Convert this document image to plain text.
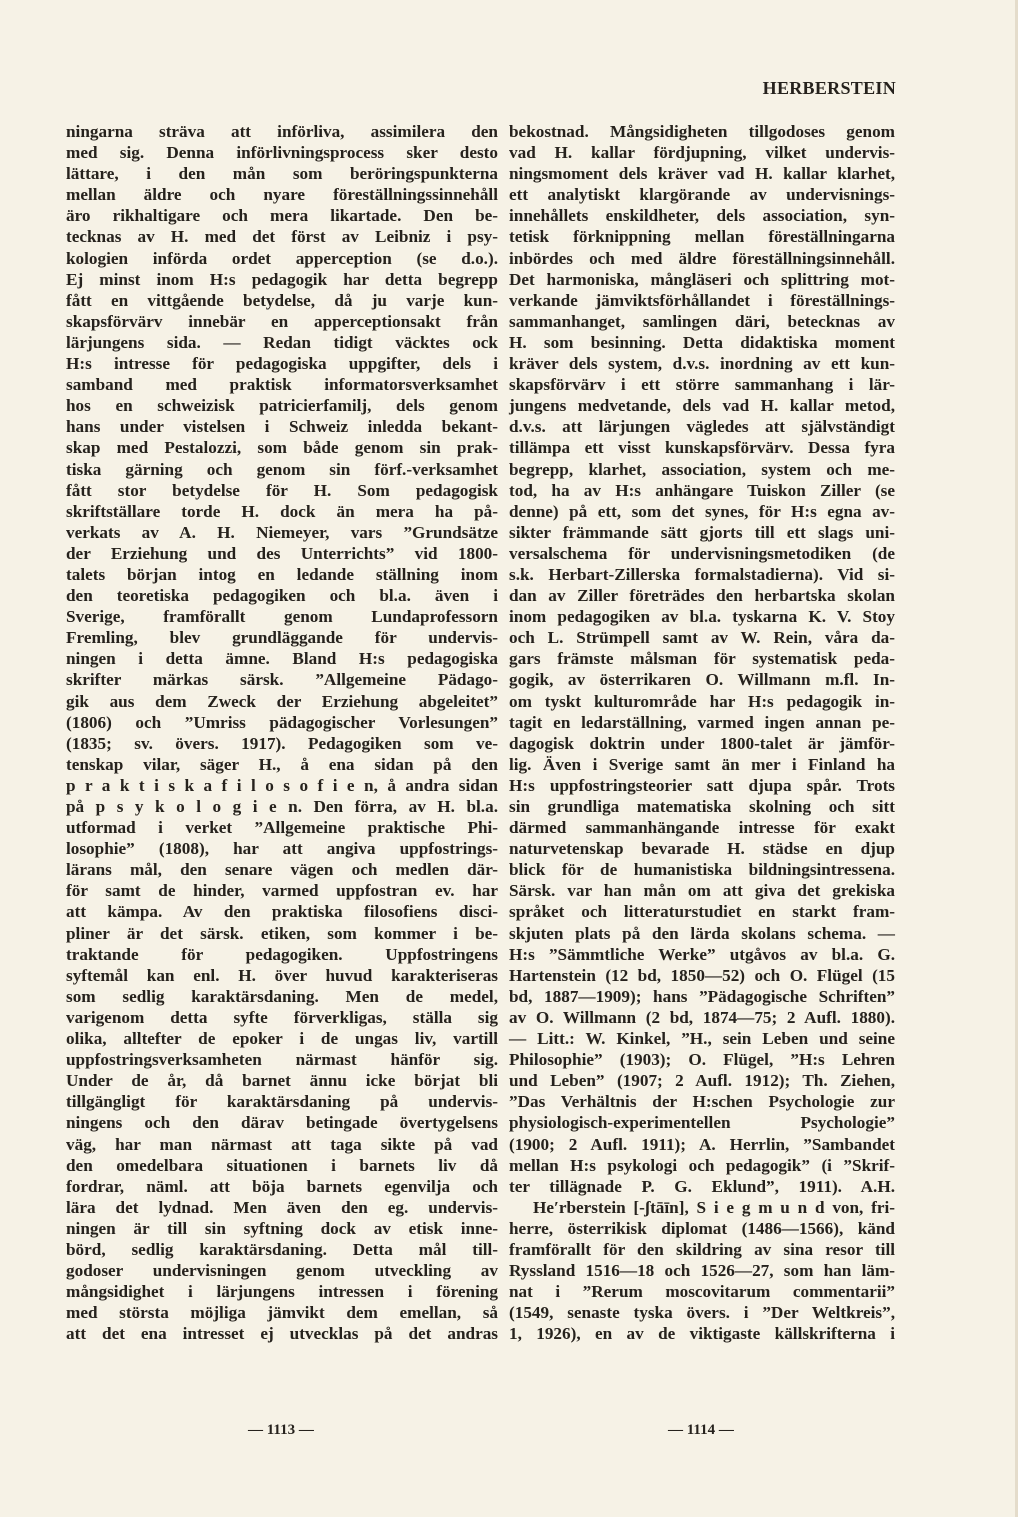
HERBERSTEIN
ningarna sträva att införliva, assimilera den
med sig. Denna införlivningsprocess sker desto
lättare, i den mån som beröringspunkterna
mellan äldre och nyare föreställningssinnehåll
äro rikhaltigare och mera likartade. Den be-
tecknas av H. med det först av Leibniz i psy-
kologien införda ordet apperception (se d.o.).
Ej minst inom H:s pedagogik har detta begrepp
fått en vittgående betydelse, då ju varje kun-
skapsförvärv innebär en apperceptionsakt från
lärjungens sida. — Redan tidigt väcktes ock
H:s intresse för pedagogiska uppgifter, dels i
samband med praktisk informatorsverksamhet
hos en schweizisk patricierfamilj, dels genom
hans under vistelsen i Schweiz inledda bekant-
skap med Pestalozzi, som både genom sin prak-
tiska gärning och genom sin förf.-verksamhet
fått stor betydelse för H. Som pedagogisk
skriftställare torde H. dock än mera ha på-
verkats av A. H. Niemeyer, vars ”Grundsätze
der Erziehung und des Unterrichts” vid 1800-
talets början intog en ledande ställning inom
den teoretiska pedagogiken och bl.a. även i
Sverige, framförallt genom Lundaprofessorn
Fremling, blev grundläggande för undervis-
ningen i detta ämne. Bland H:s pedagogiska
skrifter märkas särsk. ”Allgemeine Pädago-
gik aus dem Zweck der Erziehung abgeleitet”
(1806) och ”Umriss pädagogischer Vorlesungen”
(1835; sv. övers. 1917). Pedagogiken som ve-
tenskap vilar, säger H., å ena sidan på den
p r a k t i s k a f i l o s o f i e n, å andra sidan
på p s y k o l o g i e n. Den förra, av H. bl.a.
utformad i verket ”Allgemeine praktische Phi-
losophie” (1808), har att angiva uppfostrings-
lärans mål, den senare vägen och medlen där-
för samt de hinder, varmed uppfostran ev. har
att kämpa. Av den praktiska filosofiens disci-
pliner är det särsk. etiken, som kommer i be-
traktande för pedagogiken. Uppfostringens
syftemål kan enl. H. över huvud karakteriseras
som sedlig karaktärsdaning. Men de medel,
varigenom detta syfte förverkligas, ställa sig
olika, alltefter de epoker i de ungas liv, vartill
uppfostringsverksamheten närmast hänför sig.
Under de år, då barnet ännu icke börjat bli
tillgängligt för karaktärsdaning på undervis-
ningens och den därav betingade övertygelsens
väg, har man närmast att taga sikte på vad
den omedelbara situationen i barnets liv då
fordrar, näml. att böja barnets egenvilja och
lära det lydnad. Men även den eg. undervis-
ningen är till sin syftning dock av etisk inne-
börd, sedlig karaktärsdaning. Detta mål till-
godoser undervisningen genom utveckling av
mångsidighet i lärjungens intressen i förening
med största möjliga jämvikt dem emellan, så
att det ena intresset ej utvecklas på det andras
bekostnad. Mångsidigheten tillgodoses genom
vad H. kallar fördjupning, vilket undervis-
ningsmoment dels kräver vad H. kallar klarhet,
ett analytiskt klargörande av undervisnings-
innehållets enskildheter, dels association, syn-
tetisk förknippning mellan föreställningarna
inbördes och med äldre föreställningsinnehåll.
Det harmoniska, mångläseri och splittring mot-
verkande jämviktsförhållandet i föreställnings-
sammanhanget, samlingen däri, betecknas av
H. som besinning. Detta didaktiska moment
kräver dels system, d.v.s. inordning av ett kun-
skapsförvärv i ett större sammanhang i lär-
jungens medvetande, dels vad H. kallar metod,
d.v.s. att lärjungen vägledes att självständigt
tillämpa ett visst kunskapsförvärv. Dessa fyra
begrepp, klarhet, association, system och me-
tod, ha av H:s anhängare Tuiskon Ziller (se
denne) på ett, som det synes, för H:s egna av-
sikter främmande sätt gjorts till ett slags uni-
versalschema för undervisningsmetodiken (de
s.k. Herbart-Zillerska formalstadierna). Vid si-
dan av Ziller företrädes den herbartska skolan
inom pedagogiken av bl.a. tyskarna K. V. Stoy
och L. Strümpell samt av W. Rein, våra da-
gars främste målsman för systematisk peda-
gogik, av österrikaren O. Willmann m.fl. In-
om tyskt kulturområde har H:s pedagogik in-
tagit en ledarställning, varmed ingen annan pe-
dagogisk doktrin under 1800-talet är jämför-
lig. Även i Sverige samt än mer i Finland ha
H:s uppfostringsteorier satt djupa spår. Trots
sin grundliga matematiska skolning och sitt
därmed sammanhängande intresse för exakt
naturvetenskap bevarade H. städse en djup
blick för de humanistiska bildningsintressena.
Särsk. var han mån om att giva det grekiska
språket och litteraturstudiet en starkt fram-
skjuten plats på den lärda skolans schema. —
H:s ”Sämmtliche Werke” utgåvos av bl.a. G.
Hartenstein (12 bd, 1850—52) och O. Flügel (15
bd, 1887—1909); hans ”Pädagogische Schriften”
av O. Willmann (2 bd, 1874—75; 2 Aufl. 1880).
— Litt.: W. Kinkel, ”H., sein Leben und seine
Philosophie” (1903); O. Flügel, ”H:s Lehren
und Leben” (1907; 2 Aufl. 1912); Th. Ziehen,
”Das Verhältnis der H:schen Psychologie zur
physiologisch-experimentellen Psychologie”
(1900; 2 Aufl. 1911); A. Herrlin, ”Sambandet
mellan H:s psykologi och pedagogik” (i ”Skrif-
ter tillägnade P. G. Eklund”, 1911). A.H.
He′rberstein [-ʃtāīn], S i e g m u n d von, fri-
herre, österrikisk diplomat (1486—1566), känd
framförallt för den skildring av sina resor till
Ryssland 1516—18 och 1526—27, som han läm-
nat i ”Rerum moscovitarum commentarii”
(1549, senaste tyska övers. i ”Der Weltkreis”,
1, 1926), en av de viktigaste källskrifterna i
— 1113 —	— 1114 —
